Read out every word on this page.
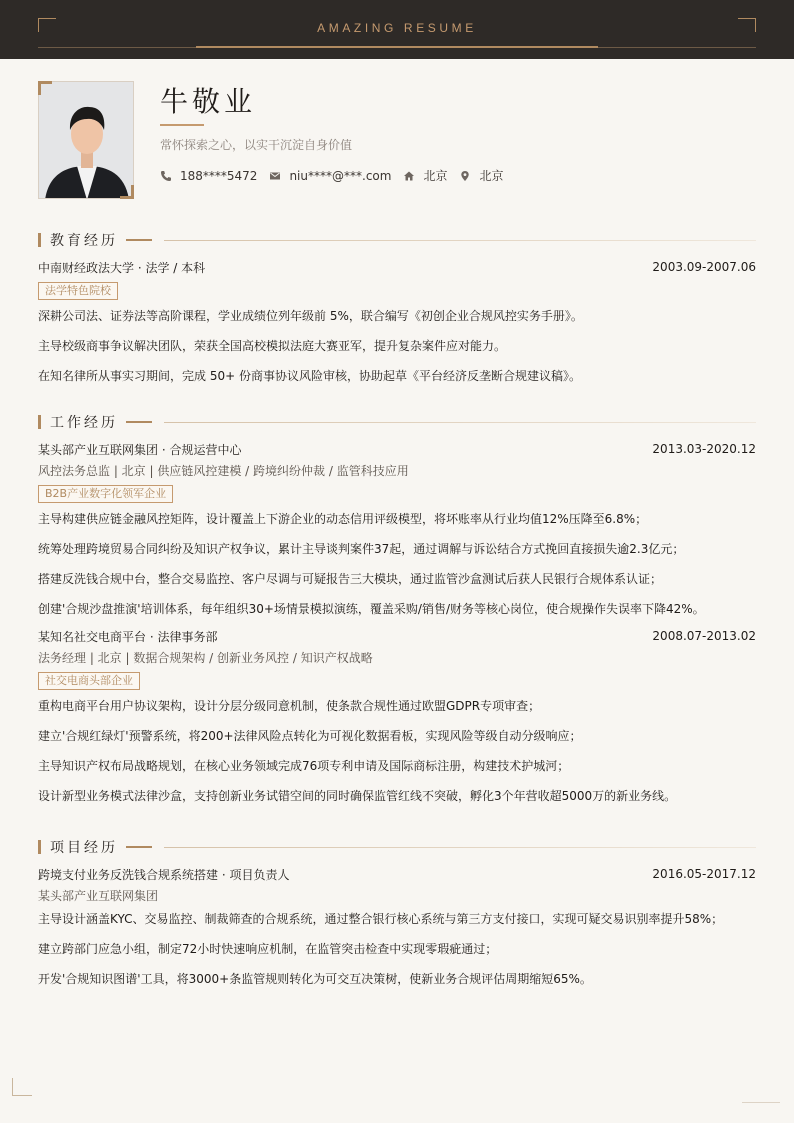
AMAZING RESUME
牛敬业
常怀探索之心，以实干沉淀自身价值
188****5472	niu****@***.com	北京	北京
教育经历
中南财经政法大学 · 法学 / 本科	2003.09-2007.06
法学特色院校
深耕公司法、证券法等高阶课程，学业成绩位列年级前 5%，联合编写《初创企业合规风控实务手册》。
主导校级商事争议解决团队，荣获全国高校模拟法庭大赛亚军，提升复杂案件应对能力。
在知名律所从事实习期间，完成 50+ 份商事协议风险审核，协助起草《平台经济反垄断合规建议稿》。
工作经历
某头部产业互联网集团 · 合规运营中心	2013.03-2020.12
风控法务总监 | 北京 | 供应链风控建模 / 跨境纠纷仲裁 / 监管科技应用
B2B产业数字化领军企业
主导构建供应链金融风控矩阵，设计覆盖上下游企业的动态信用评级模型，将坏账率从行业均值12%压降至6.8%；
统筹处理跨境贸易合同纠纷及知识产权争议，累计主导谈判案件37起，通过调解与诉讼结合方式挽回直接损失逾2.3亿元；
搭建反洗钱合规中台，整合交易监控、客户尽调与可疑报告三大模块，通过监管沙盒测试后获人民银行合规体系认证；
创建'合规沙盘推演'培训体系，每年组织30+场情景模拟演练，覆盖采购/销售/财务等核心岗位，使合规操作失误率下降42%。
某知名社交电商平台 · 法律事务部	2008.07-2013.02
法务经理 | 北京 | 数据合规架构 / 创新业务风控 / 知识产权战略
社交电商头部企业
重构电商平台用户协议架构，设计分层分级同意机制，使条款合规性通过欧盟GDPR专项审查；
建立'合规红绿灯'预警系统，将200+法律风险点转化为可视化数据看板，实现风险等级自动分级响应；
主导知识产权布局战略规划，在核心业务领域完成76项专利申请及国际商标注册，构建技术护城河；
设计新型业务模式法律沙盒，支持创新业务试错空间的同时确保监管红线不突破，孵化3个年营收超5000万的新业务线。
项目经历
跨境支付业务反洗钱合规系统搭建 · 项目负责人	2016.05-2017.12
某头部产业互联网集团
主导设计涵盖KYC、交易监控、制裁筛查的合规系统，通过整合银行核心系统与第三方支付接口，实现可疑交易识别率提升58%；
建立跨部门应急小组，制定72小时快速响应机制，在监管突击检查中实现零瑕疵通过；
开发'合规知识图谱'工具，将3000+条监管规则转化为可交互决策树，使新业务合规评估周期缩短65%。
